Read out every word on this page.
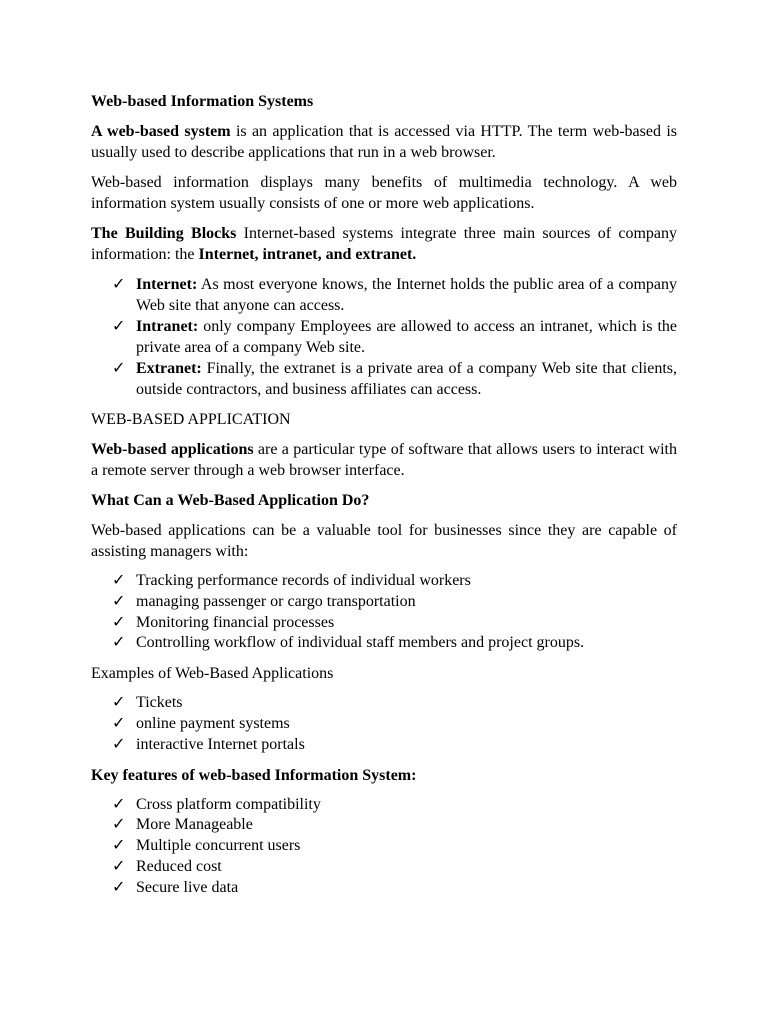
Web-based Information Systems

A web-based system is an application that is accessed via HTTP. The term web-based is usually used to describe applications that run in a web browser.

Web-based information displays many benefits of multimedia technology. A web information system usually consists of one or more web applications.

The Building Blocks Internet-based systems integrate three main sources of company information: the Internet, intranet, and extranet.

✓ Internet: As most everyone knows, the Internet holds the public area of a company Web site that anyone can access.
✓ Intranet: only company Employees are allowed to access an intranet, which is the private area of a company Web site.
✓ Extranet: Finally, the extranet is a private area of a company Web site that clients, outside contractors, and business affiliates can access.
WEB-BASED APPLICATION

Web-based applications are a particular type of software that allows users to interact with a remote server through a web browser interface.

What Can a Web-Based Application Do?

Web-based applications can be a valuable tool for businesses since they are capable of assisting managers with:

✓ Tracking performance records of individual workers
✓ managing passenger or cargo transportation
✓ Monitoring financial processes
✓ Controlling workflow of individual staff members and project groups.
Examples of Web-Based Applications
✓ Tickets
✓ online payment systems
✓ interactive Internet portals
Key features of web-based Information System:
✓ Cross platform compatibility
✓ More Manageable
✓ Multiple concurrent users
✓ Reduced cost
✓ Secure live data
